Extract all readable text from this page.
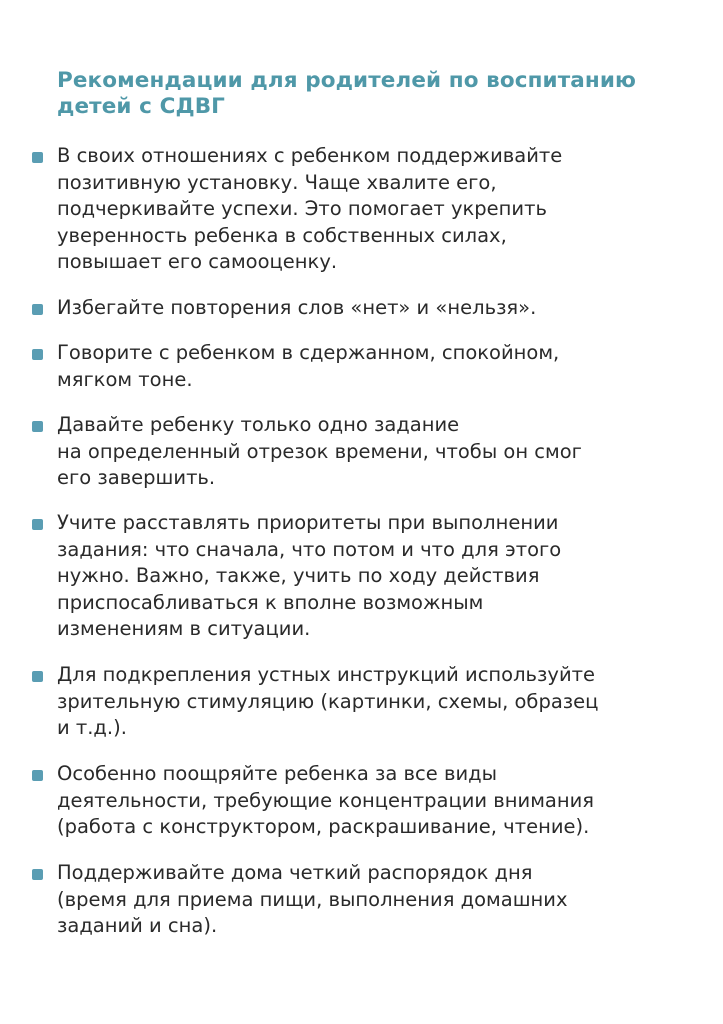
Рекомендации для родителей по воспитанию
детей с СДВГ

В своих отношениях с ребенком поддерживайте
позитивную установку. Чаще хвалите его,
подчеркивайте успехи. Это помогает укрепить
уверенность ребенка в собственных силах,
повышает его самооценку.

Избегайте повторения слов «нет» и «нельзя».

Говорите с ребенком в сдержанном, спокойном,
мягком тоне.

Давайте ребенку только одно задание
на определенный отрезок времени, чтобы он смог
его завершить.

Учите расставлять приоритеты при выполнении
задания: что сначала, что потом и что для этого
нужно. Важно, также, учить по ходу действия
приспосабливаться к вполне возможным
изменениям в ситуации.

Для подкрепления устных инструкций используйте
зрительную стимуляцию (картинки, схемы, образец
и т.д.).

Особенно поощряйте ребенка за все виды
деятельности, требующие концентрации внимания
(работа с конструктором, раскрашивание, чтение).

Поддерживайте дома четкий распорядок дня
(время для приема пищи, выполнения домашних
заданий и сна).
